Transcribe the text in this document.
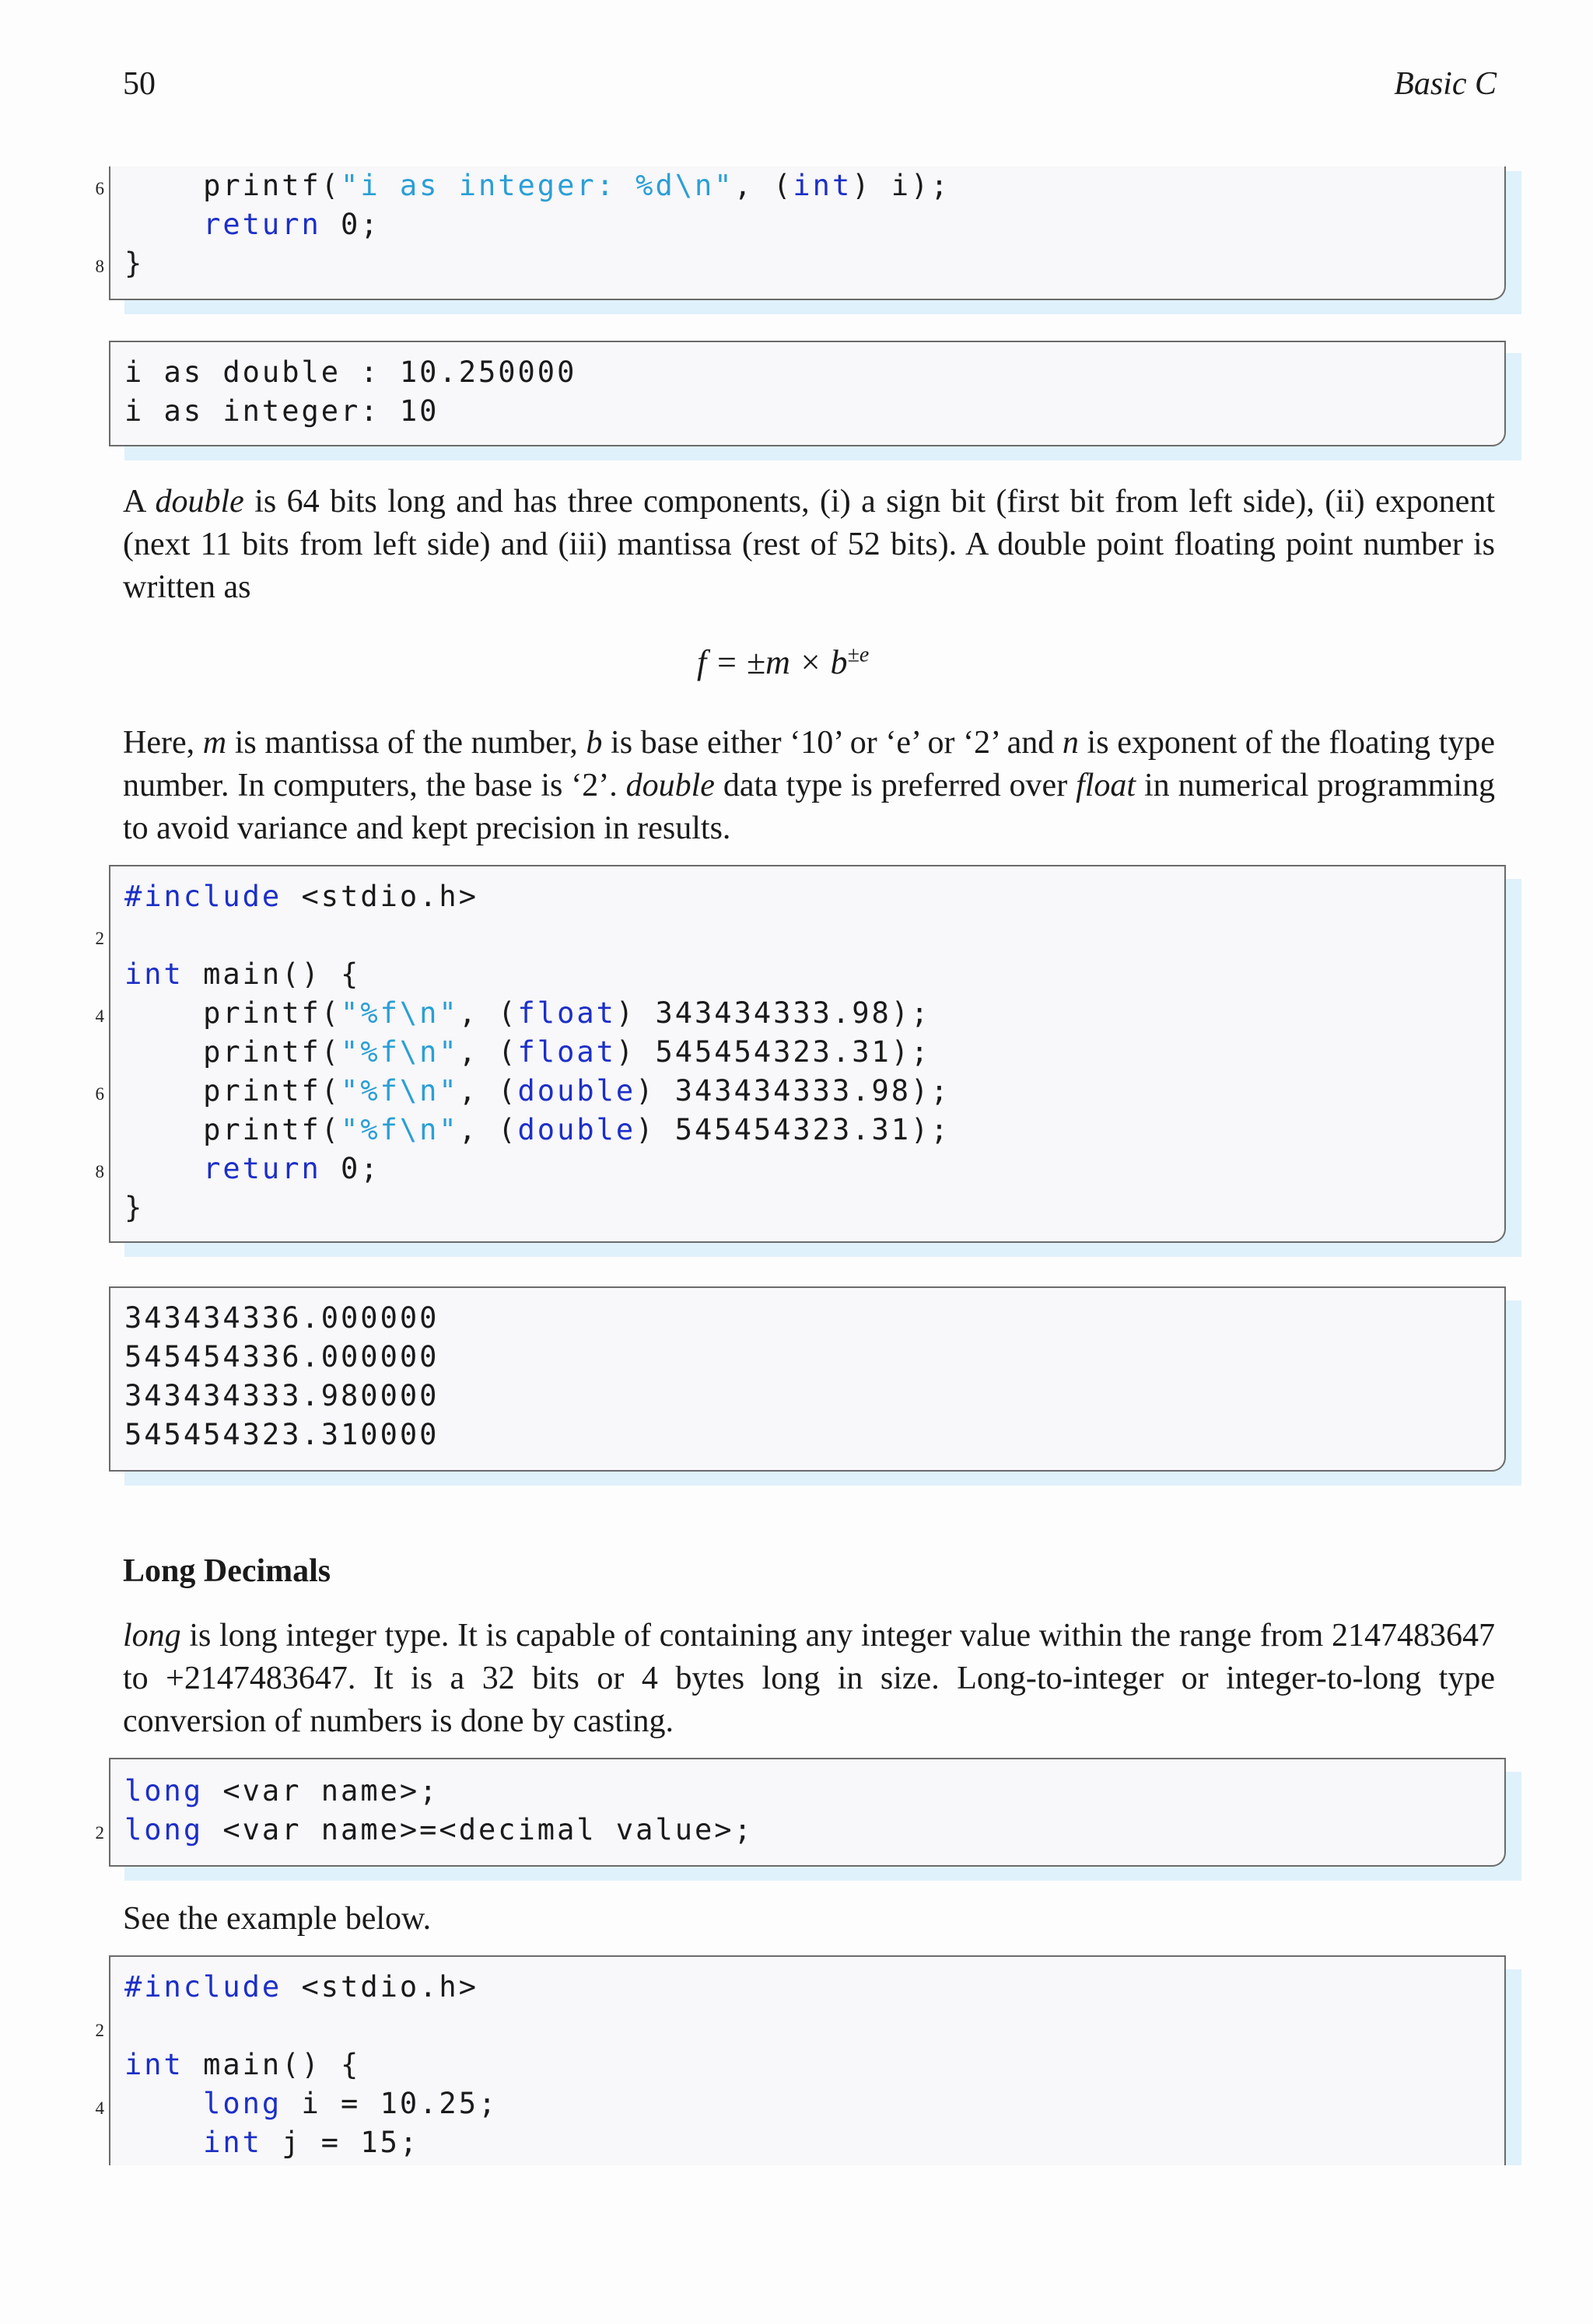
50	Basic C
6
8
printf("i as integer: %d\n", (int) i);
return 0;
}
i as double : 10.250000
i as integer: 10
A double is 64 bits long and has three components, (i) a sign bit (first bit from left side), (ii) exponent (next 11 bits from left side) and (iii) mantissa (rest of 52 bits). A double point floating point number is written as
$f = \pm m \times b^{\pm e}$
Here, m is mantissa of the number, b is base either ‘10’ or ‘e’ or ‘2’ and n is exponent of the floating type number. In computers, the base is ‘2’. double data type is preferred over float in numerical programming to avoid variance and kept precision in results.
2
4
6
8
#include <stdio.h>

int main() {
printf("%f\n", (float) 343434333.98);
printf("%f\n", (float) 545454323.31);
printf("%f\n", (double) 343434333.98);
printf("%f\n", (double) 545454323.31);
return 0;
}
343434336.000000
545454336.000000
343434333.980000
545454323.310000
Long Decimals
long is long integer type. It is capable of containing any integer value within the range from 2147483647 to +2147483647. It is a 32 bits or 4 bytes long in size. Long-to-integer or integer-to-long type conversion of numbers is done by casting.
2
long <var name>;
long <var name>=<decimal value>;
See the example below.
2
4
#include <stdio.h>

int main() {
long i = 10.25;
int j = 15;
